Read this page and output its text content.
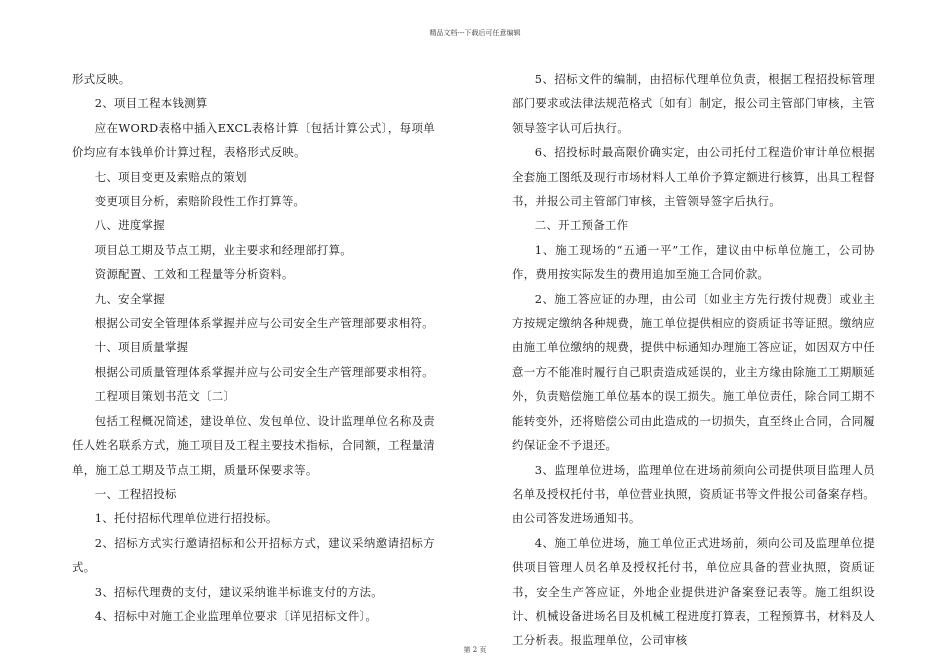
精品文档---下载后可任意编辑

形式反映。

2、项目工程本钱测算

应在WORD表格中插入EXCL表格计算〔包括计算公式〕，每项单价均应有本钱单价计算过程，表格形式反映。

七、项目变更及索赔点的策划

变更项目分析，索赔阶段性工作打算等。

八、进度掌握

项目总工期及节点工期，业主要求和经理部打算。

资源配置、工效和工程量等分析资料。

九、安全掌握

根据公司安全管理体系掌握并应与公司安全生产管理部要求相符。

十、项目质量掌握

根据公司质量管理体系掌握并应与公司安全生产管理部要求相符。

工程项目策划书范文〔二〕

包括工程概况简述，建设单位、发包单位、设计监理单位名称及责任人姓名联系方式，施工项目及工程主要技术指标，合同额，工程量清单，施工总工期及节点工期，质量环保要求等。

一、工程招投标

1、托付招标代理单位进行招投标。

2、招标方式实行邀请招标和公开招标方式，建议采纳邀请招标方式。

3、招标代理费的支付，建议采纳谁半标谁支付的方法。

4、招标中对施工企业监理单位要求〔详见招标文件〕。

5、招标文件的编制，由招标代理单位负责，根据工程招投标管理部门要求或法律法规范格式〔如有〕制定，报公司主管部门审核，主管领导签字认可后执行。

6、招投标时最高限价确实定，由公司托付工程造价审计单位根据全套施工图纸及现行市场材料人工单价予算定额进行核算，出具工程督书，并报公司主管部门审核，主管领导签字后执行。

二、开工预备工作

1、施工现场的“五通一平”工作，建议由中标单位施工，公司协作，费用按实际发生的费用追加至施工合同价款。

2、施工答应证的办理，由公司〔如业主方先行拨付规费〕或业主方按规定缴纳各种规费，施工单位提供相应的资质证书等证照。缴纳应由施工单位缴纳的规费，提供中标通知办理施工答应证，如因双方中任意一方不能准时履行自己职责造成延误的，业主方缘由除施工工期顺延外，负责赔偿施工单位基本的误工损失。施工单位责任，除合同工期不能转变外，还将赔偿公司由此造成的一切损失，直至终止合同，合同履约保证金不予退还。

3、监理单位进场，监理单位在进场前须向公司提供项目监理人员名单及授权托付书，单位营业执照，资质证书等文件报公司备案存档。由公司答发进场通知书。

4、施工单位进场，施工单位正式进场前，须向公司及监理单位提供项目管理人员名单及授权托付书，单位应具备的营业执照，资质证书，安全生产答应证，外地企业提供进沪备案登记表等。施工组织设计、机械设备进场名目及机械工程进度打算表，工程预算书，材料及人工分析表。报监理单位，公司审核

第 2 页
